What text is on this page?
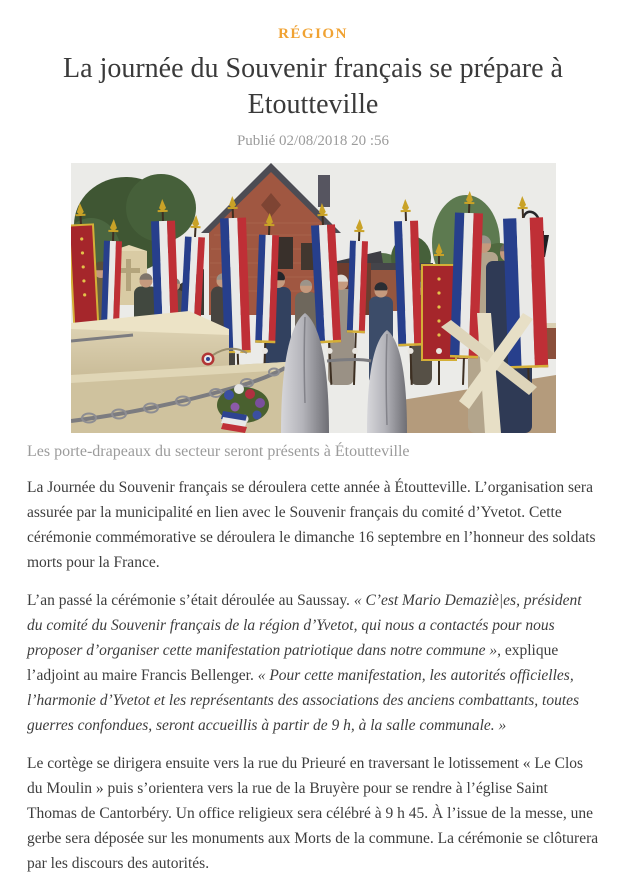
RÉGION
La journée du Souvenir français se prépare à Etoutteville
Publié 02/08/2018 20 :56
Les porte-drapeaux du secteur seront présents à Étoutteville

La Journée du Souvenir français se déroulera cette année à Étoutteville. L’organisation sera assurée par la municipalité en lien avec le Souvenir français du comité d’Yvetot. Cette cérémonie commémorative se déroulera le dimanche 16 septembre en l’honneur des soldats morts pour la France.

L’an passé la cérémonie s’était déroulée au Saussay. « C’est Mario Demaziè|es, président du comité du Souvenir français de la région d’Yvetot, qui nous a contactés pour nous proposer d’organiser cette manifestation patriotique dans notre commune », explique l’adjoint au maire Francis Bellenger. « Pour cette manifestation, les autorités officielles, l’harmonie d’Yvetot et les représentants des associations des anciens combattants, toutes guerres confondues, seront accueillis à partir de 9 h, à la salle communale. »

Le cortège se dirigera ensuite vers la rue du Prieuré en traversant le lotissement « Le Clos du Moulin » puis s’orientera vers la rue de la Bruyère pour se rendre à l’église Saint Thomas de Cantorbéry. Un office religieux sera célébré à 9 h 45. À l’issue de la messe, une gerbe sera déposée sur les monuments aux Morts de la commune. La cérémonie se clôturera par les discours des autorités.
